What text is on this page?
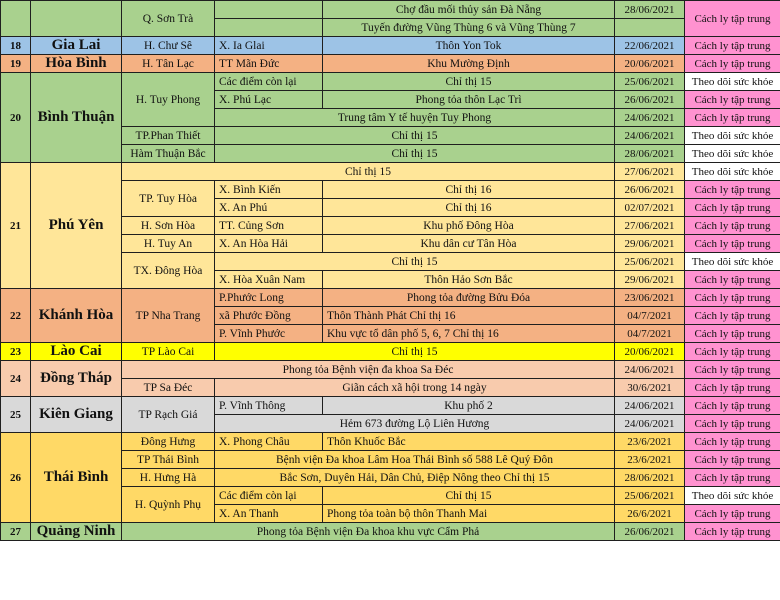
		Q. Sơn Trà		Chợ đầu mối thủy sản Đà Nẵng	28/06/2021	Cách ly tập trung
				Tuyến đường Vũng Thùng 6 và Vũng Thùng 7		
18	Gia Lai	H. Chư Sê	X. Ia Glai	Thôn Yon Tok	22/06/2021	Cách ly tập trung
19	Hòa Bình	H. Tân Lạc	TT Mãn Đức	Khu Mường Định	20/06/2021	Cách ly tập trung
20	Bình Thuận	H. Tuy Phong	Các điểm còn lại	Chỉ thị 15	25/06/2021	Theo dõi sức khỏe
			X. Phú Lạc	Phong tỏa thôn Lạc Trì	26/06/2021	Cách ly tập trung
			Trung tâm Y tế huyện Tuy Phong		24/06/2021	Cách ly tập trung
		TP.Phan Thiết	Chỉ thị 15		24/06/2021	Theo dõi sức khỏe
		Hàm Thuận Bắc	Chỉ thị 15		28/06/2021	Theo dõi sức khỏe
21	Phú Yên	Chỉ thị 15			27/06/2021	Theo dõi sức khỏe
		TP. Tuy Hòa	X. Bình Kiến	Chỉ thị 16	26/06/2021	Cách ly tập trung
			X. An Phú	Chỉ thị 16	02/07/2021	Cách ly tập trung
		H. Sơn Hòa	TT. Củng Sơn	Khu phố Đông Hòa	27/06/2021	Cách ly tập trung
		H. Tuy An	X. An Hòa Hải	Khu dân cư Tân Hòa	29/06/2021	Cách ly tập trung
		TX. Đông Hòa	Chỉ thị 15		25/06/2021	Theo dõi sức khỏe
			X. Hòa Xuân Nam	Thôn Hảo Sơn Bắc	29/06/2021	Cách ly tập trung
22	Khánh Hòa	TP Nha Trang	P.Phước Long	Phong tỏa đường Bửu Đóa	23/06/2021	Cách ly tập trung
			xã Phước Đồng	Thôn Thành Phát Chỉ thị 16	04/7/2021	Cách ly tập trung
			P. Vĩnh Phước	Khu vực tổ dân phố 5, 6, 7 Chỉ thị 16	04/7/2021	Cách ly tập trung
23	Lào Cai	TP Lào Cai	Chỉ thị 15		20/06/2021	Cách ly tập trung
24	Đồng Tháp	Phong tỏa Bệnh viện đa khoa Sa Đéc			24/06/2021	Cách ly tập trung
		TP Sa Đéc	Giãn cách xã hội trong 14 ngày		30/6/2021	Cách ly tập trung
25	Kiên Giang	TP Rạch Giá	P. Vĩnh Thông	Khu phố 2	24/06/2021	Cách ly tập trung
			Hẻm 673 đường Lộ Liên Hương		24/06/2021	Cách ly tập trung
26	Thái Bình	Đông Hưng	X. Phong Châu	Thôn Khuốc Bắc	23/6/2021	Cách ly tập trung
		TP Thái Bình	Bệnh viện Đa khoa Lâm Hoa Thái Bình số 588 Lê Quý Đôn		23/6/2021	Cách ly tập trung
		H. Hưng Hà	Bắc Sơn, Duyên Hải, Dân Chủ, Điệp Nông theo Chỉ thị 15		28/06/2021	Cách ly tập trung
		H. Quỳnh Phụ	Các điểm còn lại	Chỉ thị 15	25/06/2021	Theo dõi sức khỏe
			X. An Thanh	Phong tỏa toàn bộ thôn Thanh Mai	26/6/2021	Cách ly tập trung
27	Quảng Ninh	Phong tỏa Bệnh viện Đa khoa khu vực Cẩm Phả			26/06/2021	Cách ly tập trung
